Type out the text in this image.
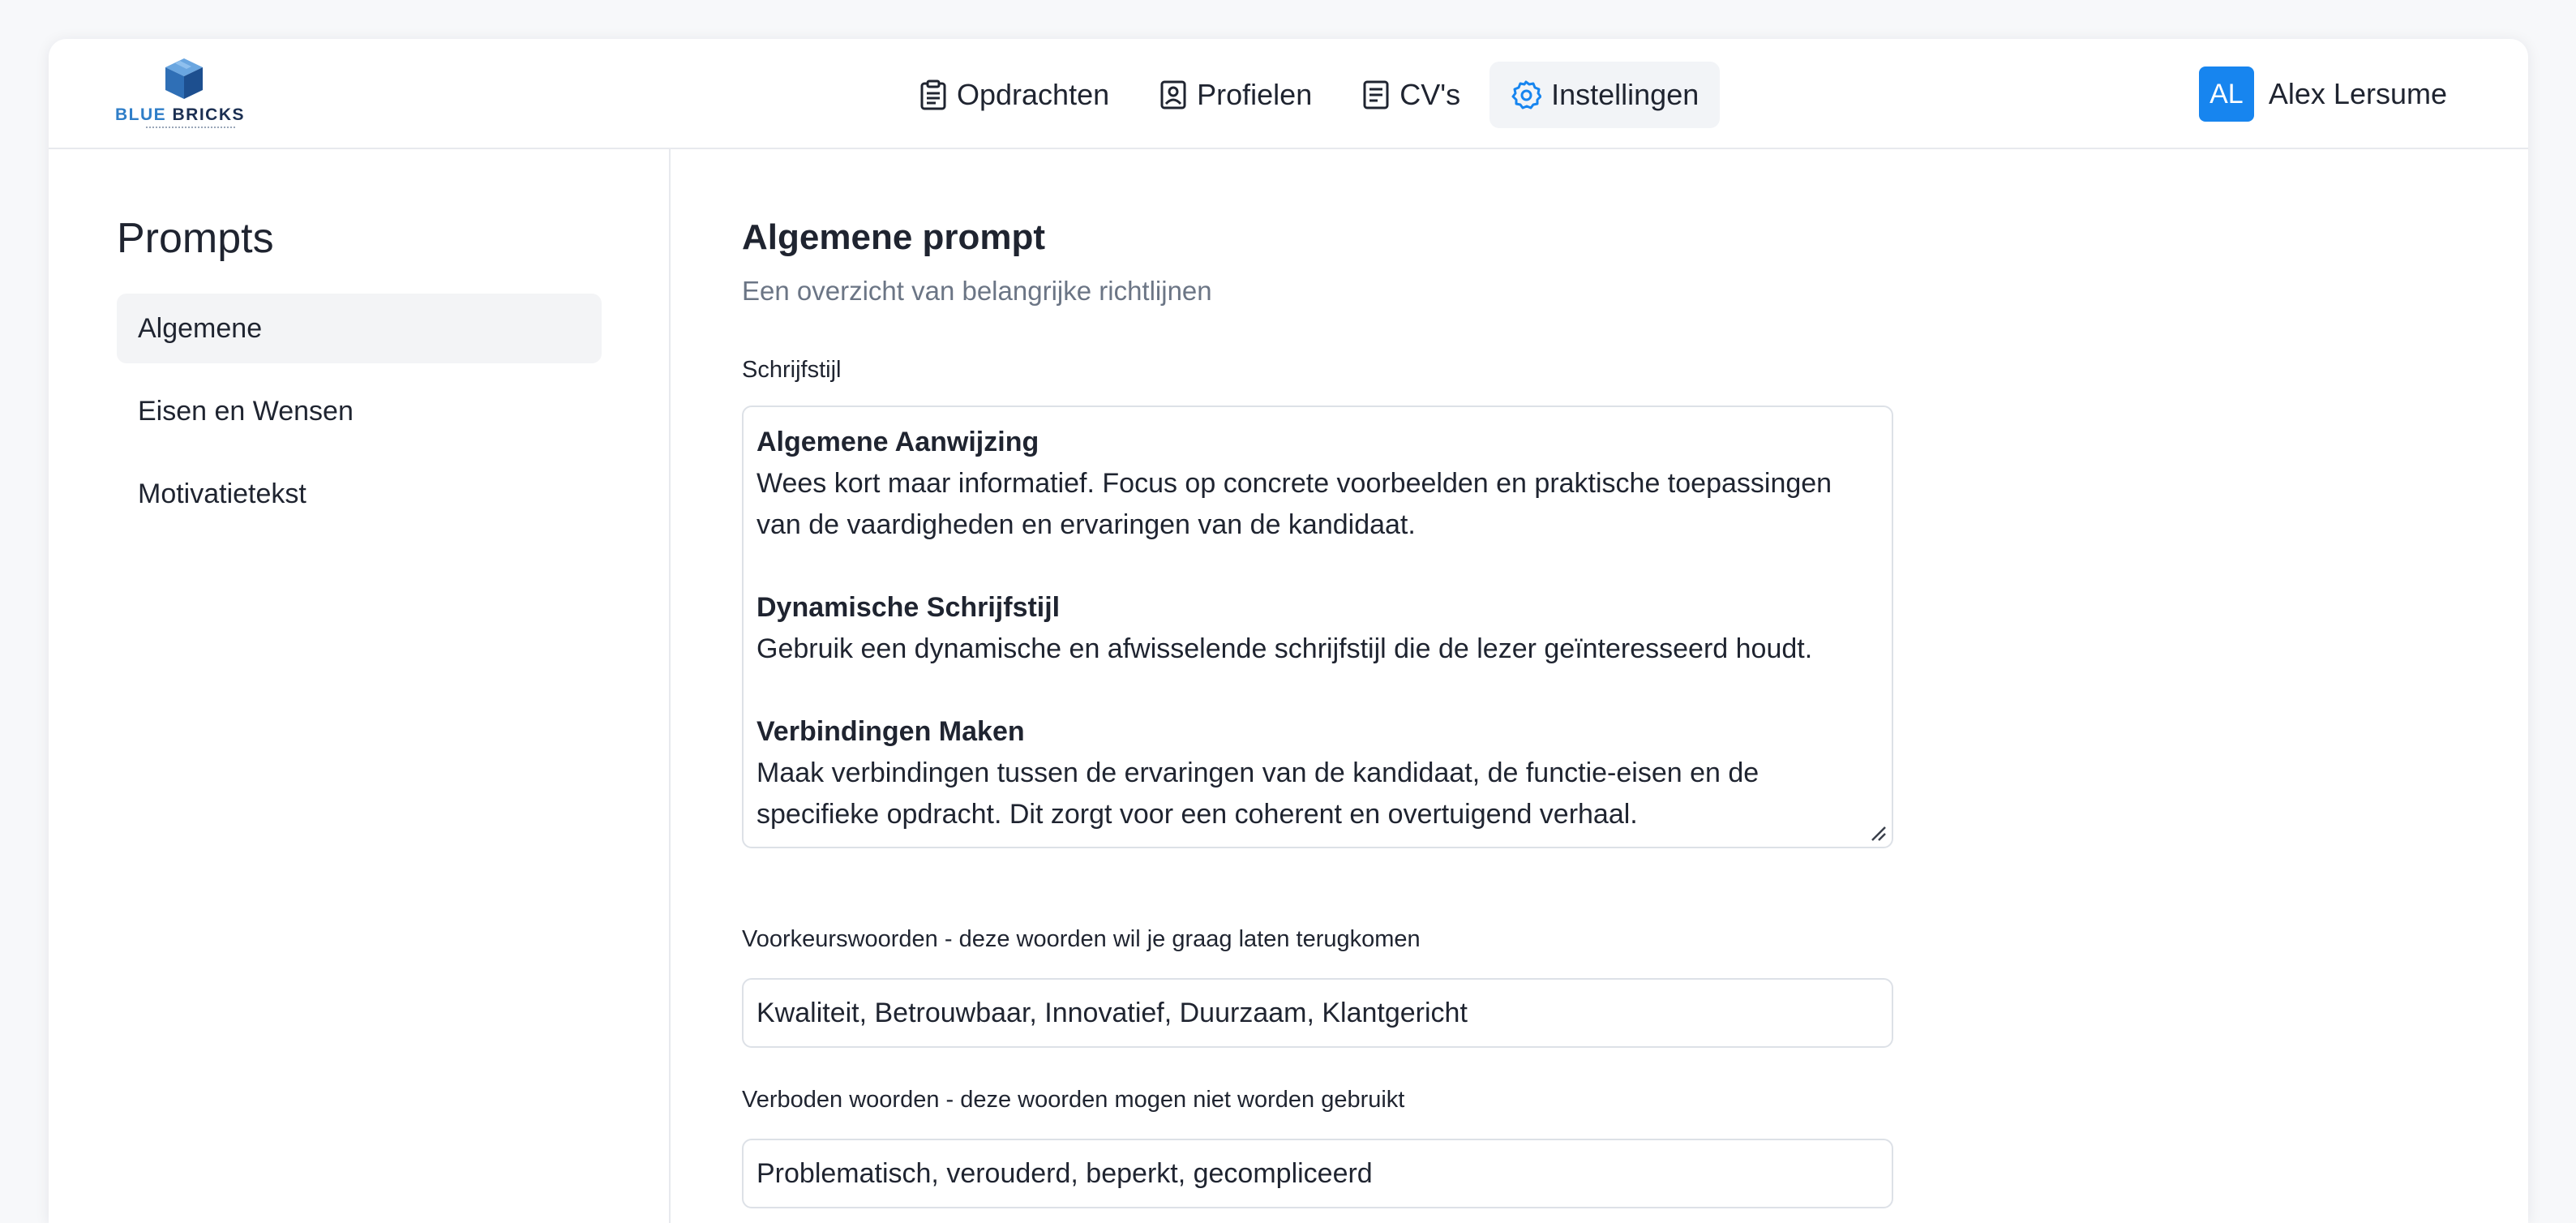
BLUE BRICKS
Opdrachten	Profielen	CV's	Instellingen	AL Alex Lersume
Prompts
Algemene
Eisen en Wensen
Motivatietekst
Algemene prompt
Een overzicht van belangrijke richtlijnen
Schrijfstijl
Algemene Aanwijzing
Wees kort maar informatief. Focus op concrete voorbeelden en praktische toepassingen van de vaardigheden en ervaringen van de kandidaat.
Dynamische Schrijfstijl
Gebruik een dynamische en afwisselende schrijfstijl die de lezer geïnteresseerd houdt.
Verbindingen Maken
Maak verbindingen tussen de ervaringen van de kandidaat, de functie-eisen en de specifieke opdracht. Dit zorgt voor een coherent en overtuigend verhaal.
Voorkeurswoorden - deze woorden wil je graag laten terugkomen
Kwaliteit, Betrouwbaar, Innovatief, Duurzaam, Klantgericht
Verboden woorden - deze woorden mogen niet worden gebruikt
Problematisch, verouderd, beperkt, gecompliceerd
